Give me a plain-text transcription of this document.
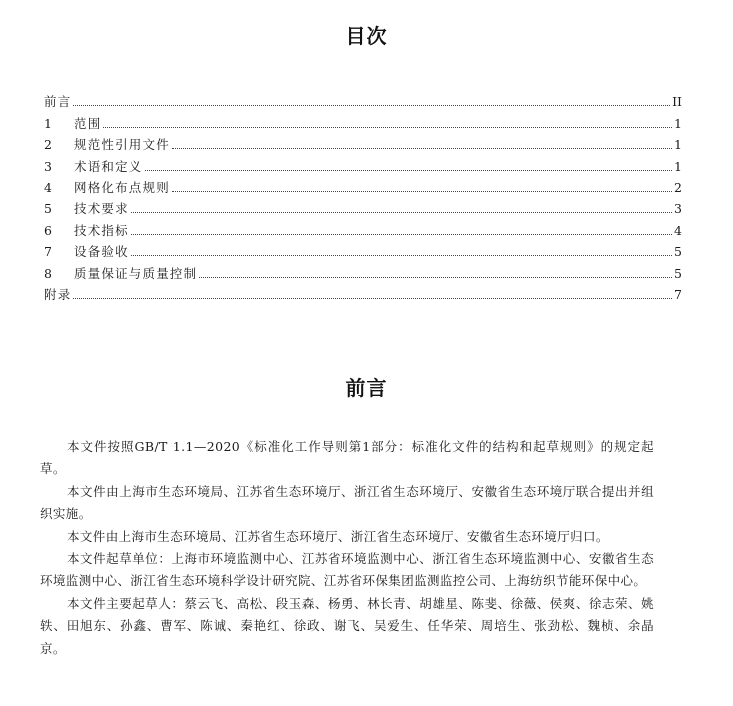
目次
前言	II
1	范围	1
2	规范性引用文件	1
3	术语和定义	1
4	网格化布点规则	2
5	技术要求	3
6	技术指标	4
7	设备验收	5
8	质量保证与质量控制	5
附录	7
前言

本文件按照GB/T 1.1—2020《标准化工作导则第1部分：标准化文件的结构和起草规则》的规定起草。

本文件由上海市生态环境局、江苏省生态环境厅、浙江省生态环境厅、安徽省生态环境厅联合提出并组织实施。

本文件由上海市生态环境局、江苏省生态环境厅、浙江省生态环境厅、安徽省生态环境厅归口。

本文件起草单位：上海市环境监测中心、江苏省环境监测中心、浙江省生态环境监测中心、安徽省生态环境监测中心、浙江省生态环境科学设计研究院、江苏省环保集团监测监控公司、上海纺织节能环保中心。

本文件主要起草人：蔡云飞、高松、段玉森、杨勇、林长青、胡雄星、陈斐、徐薇、侯爽、徐志荣、姚轶、田旭东、孙鑫、曹军、陈诚、秦艳红、徐政、谢飞、吴爱生、任华荣、周培生、张劲松、魏桢、余晶京。
